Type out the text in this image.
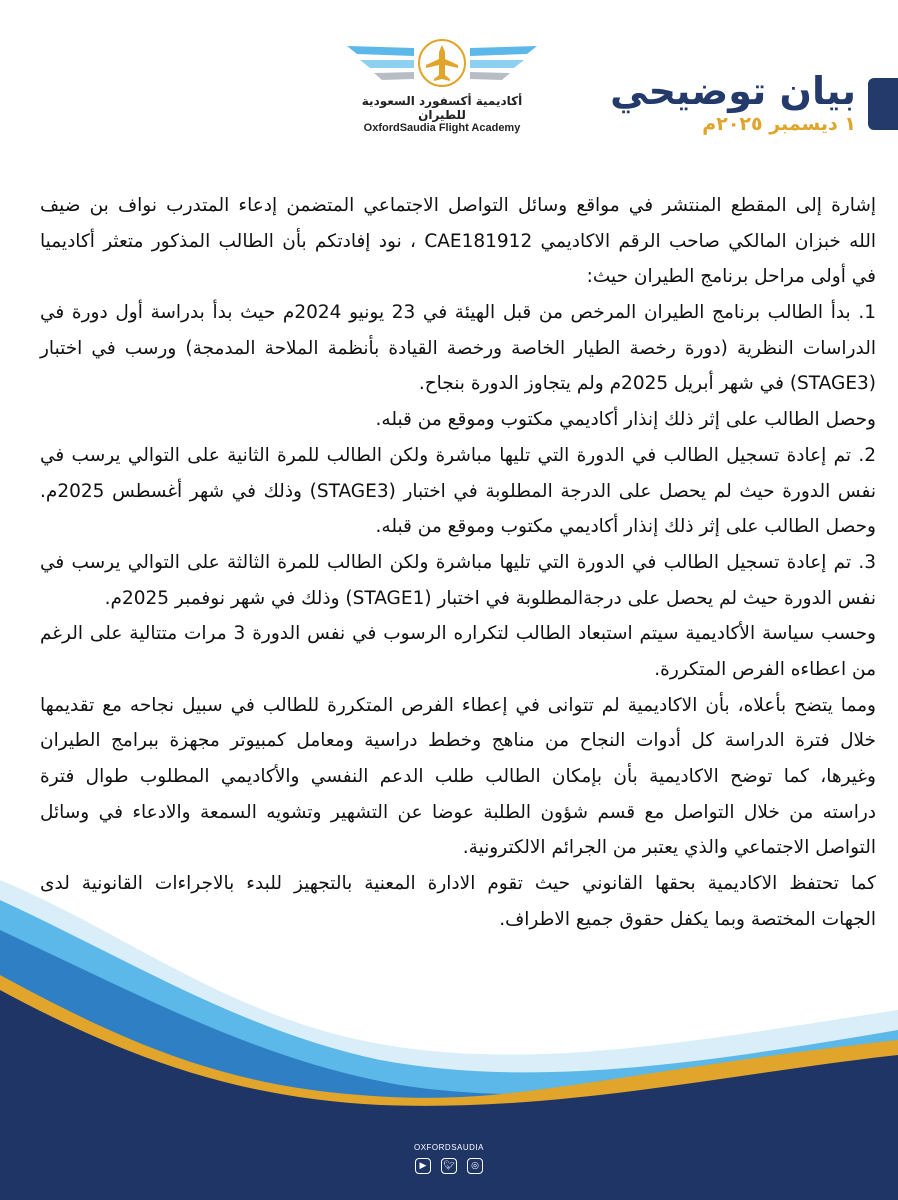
بيان توضيحي
١ ديسمبر ٢٠٢٥م
أكاديمية أكسفورد السعودية للطيران
OxfordSaudia Flight Academy
إشارة إلى المقطع المنتشر في مواقع وسائل التواصل الاجتماعي المتضمن إدعاء المتدرب نواف بن ضيف
الله خبزان المالكي صاحب الرقم الاكاديمي CAE181912 ، نود إفادتكم بأن الطالب المذكور متعثر أكاديميا
في أولى مراحل برنامج الطيران حيث:
1. بدأ الطالب برنامج الطيران المرخص من قبل الهيئة في 23 يونيو 2024م حيث بدأ بدراسة أول دورة في
الدراسات النظرية (دورة رخصة الطيار الخاصة ورخصة القيادة بأنظمة الملاحة المدمجة) ورسب في اختبار
(STAGE3) في شهر أبريل 2025م ولم يتجاوز الدورة بنجاح.
وحصل الطالب على إثر ذلك إنذار أكاديمي مكتوب وموقع من قبله.
2. تم إعادة تسجيل الطالب في الدورة التي تليها مباشرة ولكن الطالب للمرة الثانية على التوالي يرسب في
نفس الدورة حيث لم يحصل على الدرجة المطلوبة في اختبار (STAGE3) وذلك في شهر أغسطس 2025م.
وحصل الطالب على إثر ذلك إنذار أكاديمي مكتوب وموقع من قبله.
3. تم إعادة تسجيل الطالب في الدورة التي تليها مباشرة ولكن الطالب للمرة الثالثة على التوالي يرسب في
نفس الدورة حيث لم يحصل على درجةالمطلوبة في اختبار (STAGE1) وذلك في شهر نوفمبر 2025م.
وحسب سياسة الأكاديمية سيتم استبعاد الطالب لتكراره الرسوب في نفس الدورة 3 مرات متتالية على الرغم
من اعطاءه الفرص المتكررة.
ومما يتضح بأعلاه، بأن الاكاديمية لم تتوانى في إعطاء الفرص المتكررة للطالب في سبيل نجاحه مع تقديمها
خلال فترة الدراسة كل أدوات النجاح من مناهج وخطط دراسية ومعامل كمبيوتر مجهزة ببرامج الطيران
وغيرها، كما توضح الاكاديمية بأن بإمكان الطالب طلب الدعم النفسي والأكاديمي المطلوب طوال فترة
دراسته من خلال التواصل مع قسم شؤون الطلبة عوضا عن التشهير وتشويه السمعة والادعاء في وسائل
التواصل الاجتماعي والذي يعتبر من الجرائم الالكترونية.
كما تحتفظ الاكاديمية بحقها القانوني حيث تقوم الادارة المعنية بالتجهيز للبدء بالاجراءات القانونية لدى
الجهات المختصة وبما يكفل حقوق جميع الاطراف.
OXFORDSAUDIA
▶	🐦︎	◎
